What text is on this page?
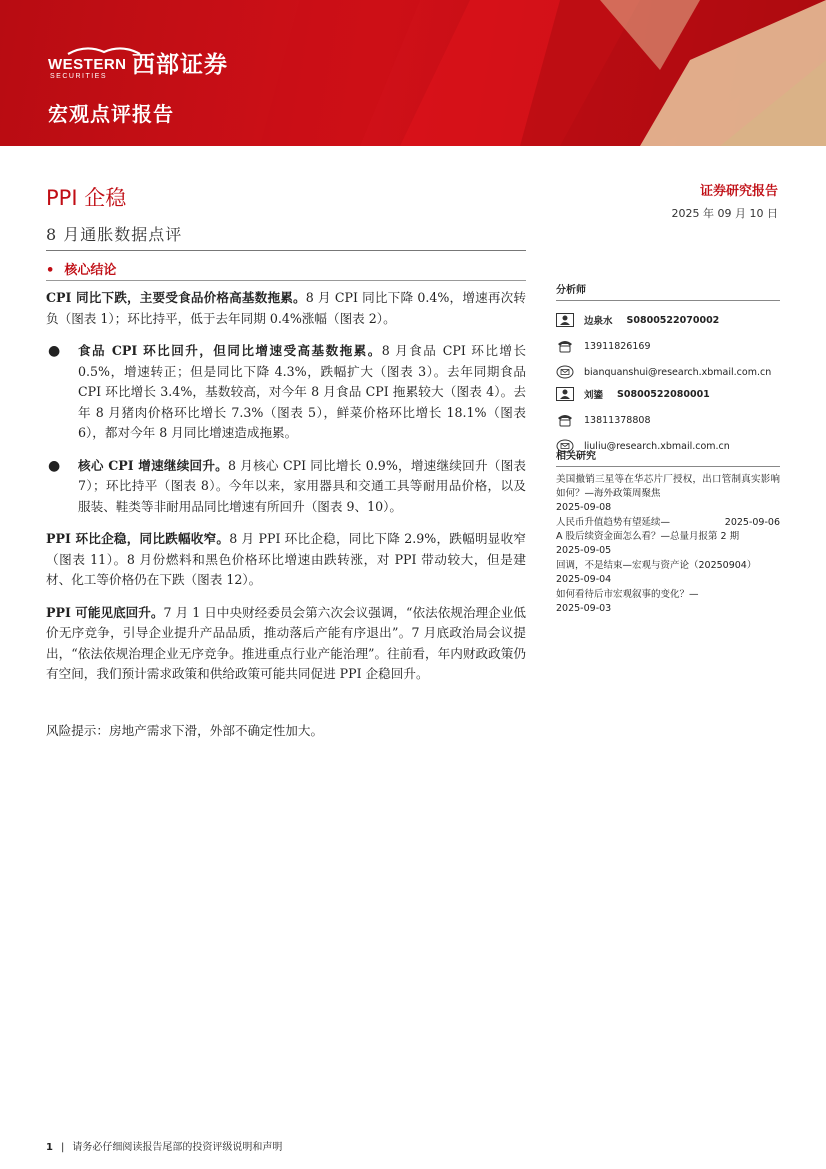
WESTERN
SECURITIES 西部证券
宏观点评报告
PPI 企稳
8 月通胀数据点评
• 核心结论
证券研究报告
2025 年 09 月 10 日

CPI 同比下跌，主要受食品价格高基数拖累。8 月 CPI 同比下降 0.4%，增速再次转负（图表 1）；环比持平，低于去年同期 0.4%涨幅（图表 2）。

● 食品 CPI 环比回升，但同比增速受高基数拖累。8 月食品 CPI 环比增长 0.5%，增速转正；但是同比下降 4.3%，跌幅扩大（图表 3）。去年同期食品 CPI 环比增长 3.4%，基数较高，对今年 8 月食品 CPI 拖累较大（图表 4）。去年 8 月猪肉价格环比增长 7.3%（图表 5），鲜菜价格环比增长 18.1%（图表 6），都对今年 8 月同比增速造成拖累。
● 核心 CPI 增速继续回升。8 月核心 CPI 同比增长 0.9%，增速继续回升（图表 7）；环比持平（图表 8）。今年以来，家用器具和交通工具等耐用品价格，以及服装、鞋类等非耐用品同比增速有所回升（图表 9、10）。

PPI 环比企稳，同比跌幅收窄。8 月 PPI 环比企稳，同比下降 2.9%，跌幅明显收窄（图表 11）。8 月份燃料和黑色价格环比增速由跌转涨，对 PPI 带动较大，但是建材、化工等价格仍在下跌（图表 12）。

PPI 可能见底回升。7 月 1 日中央财经委员会第六次会议强调，“依法依规治理企业低价无序竞争，引导企业提升产品品质，推动落后产能有序退出”。7 月底政治局会议提出，“依法依规治理企业无序竞争。推进重点行业产能治理”。往前看，年内财政政策仍有空间，我们预计需求政策和供给政策可能共同促进 PPI 企稳回升。

风险提示：房地产需求下滑，外部不确定性加大。

分析师
边泉水 S0800522070002
13911826169
bianquanshui@research.xbmail.com.cn
刘鎏 S0800522080001
13811378808
liuliu@research.xbmail.com.cn
相关研究

美国撤销三星等在华芯片厂授权，出口管制真实影响如何？—海外政策周聚焦

2025-09-08

人民币升值趋势有望延续—	2025-09-06

A 股后续资金面怎么看？—总量月报第 2 期

2025-09-05

回调，不是结束—宏观与资产论（20250904）

2025-09-04

如何看待后市宏观叙事的变化？—

2025-09-03

1 | 请务必仔细阅读报告尾部的投资评级说明和声明
